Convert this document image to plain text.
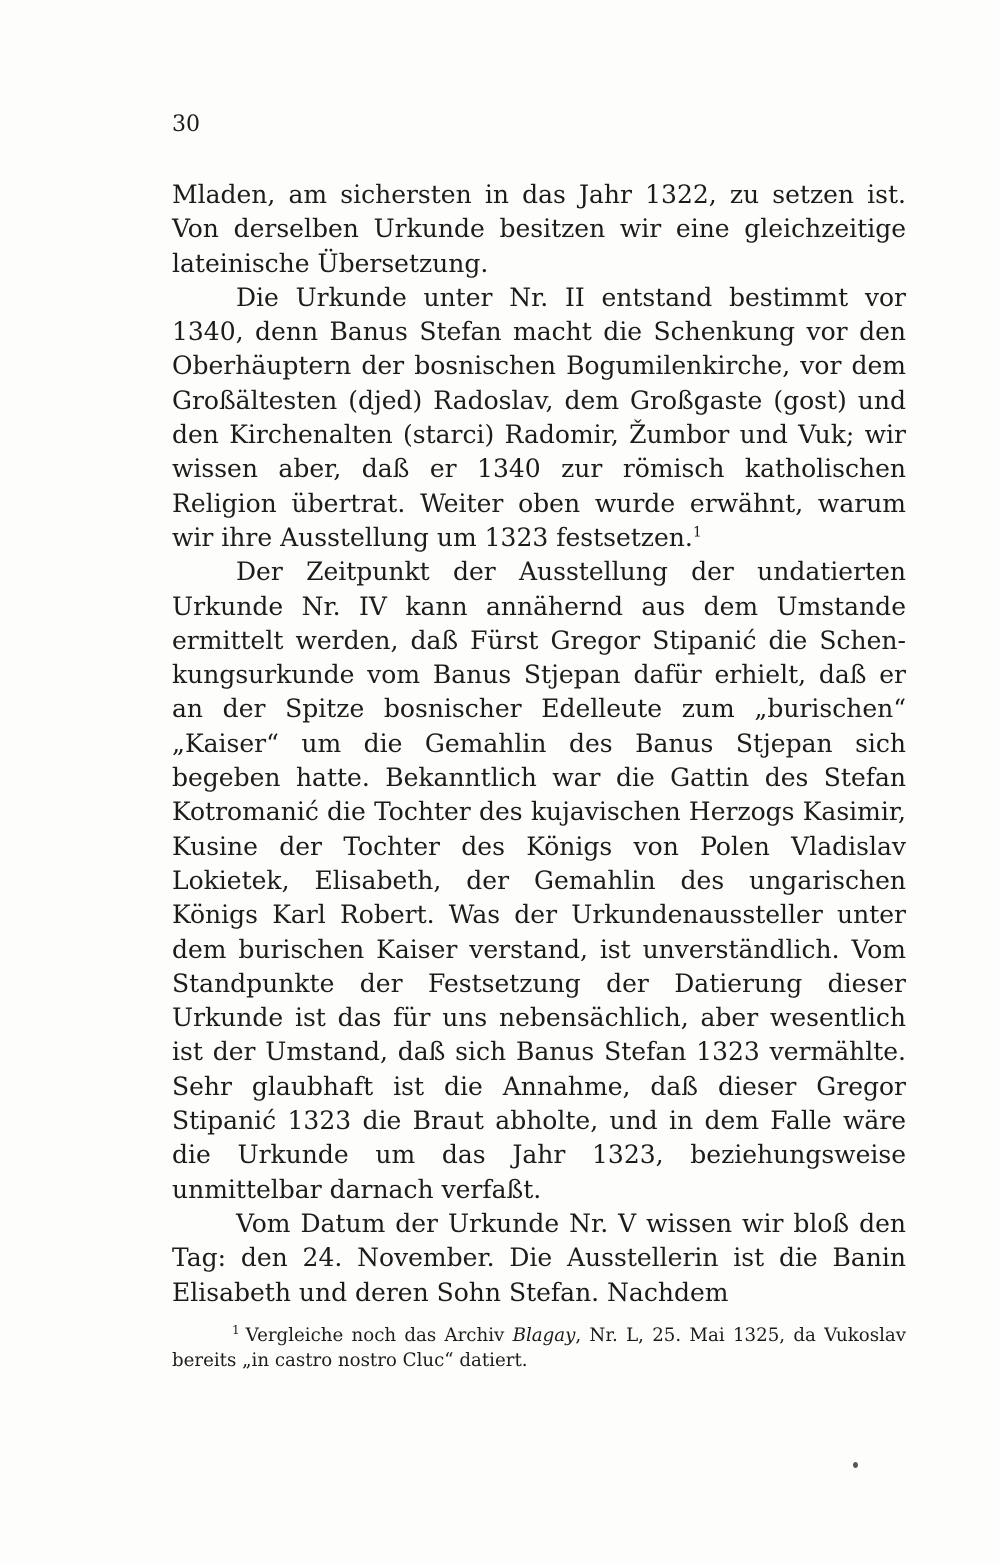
30

Mladen, am sichersten in das Jahr 1322, zu setzen ist. Von derselben Urkunde besitzen wir eine gleichzeitige lateinische Übersetzung.

Die Urkunde unter Nr. II entstand bestimmt vor 1340, denn Banus Stefan macht die Schenkung vor den Oberhäuptern der bosnischen Bogumilenkirche, vor dem Großältesten (djed) Radoslav, dem Großgaste (gost) und den Kirchenalten (starci) Radomir, Žumbor und Vuk; wir wissen aber, daß er 1340 zur römisch katholischen Religion übertrat. Weiter oben wurde erwähnt, warum wir ihre Ausstellung um 1323 festsetzen.$^1$

Der Zeitpunkt der Ausstellung der undatierten Urkunde Nr. IV kann annähernd aus dem Umstande ermittelt werden, daß Fürst Gregor Stipanić die Schenkungsurkunde vom Banus Stjepan dafür erhielt, daß er an der Spitze bosnischer Edelleute zum „burischen“ „Kaiser“ um die Gemahlin des Banus Stjepan sich begeben hatte. Bekanntlich war die Gattin des Stefan Kotromanić die Tochter des kujavischen Herzogs Kasimir, Kusine der Tochter des Königs von Polen Vladislav Lokietek, Elisabeth, der Gemahlin des ungarischen Königs Karl Robert. Was der Urkundenaussteller unter dem burischen Kaiser verstand, ist unverständlich. Vom Standpunkte der Festsetzung der Datierung dieser Urkunde ist das für uns nebensächlich, aber wesentlich ist der Umstand, daß sich Banus Stefan 1323 vermählte. Sehr glaubhaft ist die Annahme, daß dieser Gregor Stipanić 1323 die Braut abholte, und in dem Falle wäre die Urkunde um das Jahr 1323, beziehungsweise unmittelbar darnach verfaßt.

Vom Datum der Urkunde Nr. V wissen wir bloß den Tag: den 24. November. Die Ausstellerin ist die Banin Elisabeth und deren Sohn Stefan. Nachdem

$^1$ Vergleiche noch das Archiv Blagay, Nr. L, 25. Mai 1325, da Vukoslav bereits „in castro nostro Cluc“ datiert.
